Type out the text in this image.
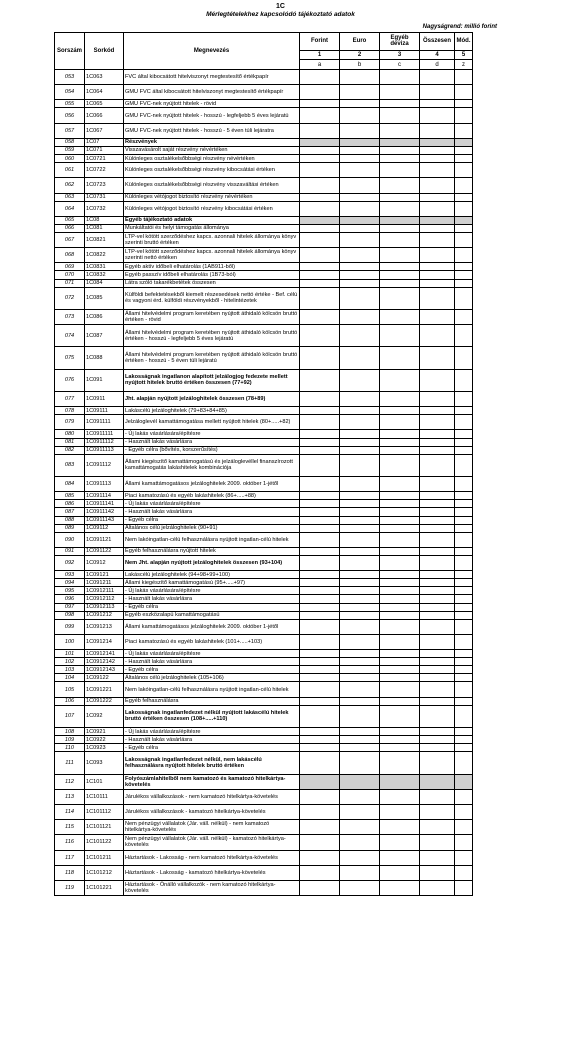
1C
Mérlegtételekhez kapcsolódó tájékoztató adatok
Nagyságrend: millió forint
Sorszám	Sorkód	Megnevezés	Forint	Euro	Egyéb deviza	Összesen	Mód.
			1	2	3	4	5
			a	b	c	d	z
053	1C063	FVC által kibocsátott hitelviszonyt megtestesítő értékpapír					
054	1C064	GMU FVC által kibocsátott hitelviszonyt megtestesítő értékpapír					
055	1C065	GMU FVC-nek nyújtott hitelek - rövid					
056	1C066	GMU FVC-nek nyújtott hitelek - hosszú - legfeljebb 5 éves lejáratú					
057	1C067	GMU FVC-nek nyújtott hitelek - hosszú - 5 éven túli lejáratra					
058	1C07	Részvények					
059	1C071	Visszavásárolt saját részvény névértéken					
060	1C0721	Különleges osztalékelsőbbségi részvény névértéken					
061	1C0722	Különleges osztalékelsőbbségi részvény kibocsátási értéken					
062	1C0723	Különleges osztalékelsőbbségi részvény visszaváltási értéken					
063	1C0731	Különleges vétójogot biztosító részvény névértéken					
064	1C0732	Különleges vétójogot biztosító részvény kibocsátási értéken					
065	1C08	Egyéb tájékoztató adatok					
066	1C081	Munkáltatói és helyi támogatás állománya					
067	1C0821	LTP-vel kötött szerződéshez kapcs. azonnali hitelek állománya könyv szerinti bruttó értéken					
068	1C0822	LTP-vel kötött szerződéshez kapcs. azonnali hitelek állománya könyv szerinti nettó értéken					
069	1C0831	Egyéb aktív időbeli elhatárolás (1AB911-ből)					
070	1C0832	Egyéb passzív időbeli elhatárolás (1B73-ból)					
071	1C084	Látra szóló takarékbetétek összesen					
072	1C085	Külföldi befektetésekből kiemelt részesedések nettó értéke - Bef. célú és vagyoni érd. külföldi részvényekből - hitelintézetek					
073	1C086	Állami hitelvédelmi program keretében nyújtott áthidaló kölcsön bruttó értéken - rövid					
074	1C087	Állami hitelvédelmi program keretében nyújtott áthidaló kölcsön bruttó értéken - hosszú - legfeljebb 5 éves lejáratú					
075	1C088	Állami hitelvédelmi program keretében nyújtott áthidaló kölcsön bruttó értéken - hosszú - 5 éven túli lejáratú					
076	1C091	Lakosságnak ingatlanon alapított jelzálogjog fedezete mellett nyújtott hitelek bruttó értéken összesen (77+92)					
077	1C0911	Jht. alapján nyújtott jelzáloghitelek összesen (78+89)					
078	1C09111	Lakáscélú jelzáloghitelek (79+83+84+85)					
079	1C091111	Jelzáloglevél kamattámogatása mellett nyújtott hitelek (80+.....+82)					
080	1C0911111	- Új lakás vásárlására/építésre					
081	1C0911112	- Használt lakás vásárlásra					
082	1C0911113	- Egyéb célra (bővítés, korszerűsítés)					
083	1C091112	Állami kiegészítő kamattámogatású és jelzáloglevéllel finanszírozott kamattámogatás lakáshitelek kombinációja					
084	1C091113	Állami kamattámogatásos jelzáloghitelek 2009. október 1-jétől					
085	1C091114	Piaci kamatozású és egyéb lakáshitelek (86+.....+88)					
086	1C0911141	- Új lakás vásárlására/építésre					
087	1C0911142	- Használt lakás vásárlásra					
088	1C0911143	- Egyéb célra					
089	1C09112	Általános célú jelzáloghitelek (90+91)					
090	1C091121	Nem lakóingatlan-célú felhasználásra nyújtott ingatlan-célú hitelek					
091	1C091122	Egyéb felhasználásra nyújtott hitelek					
092	1C0912	Nem Jht. alapján nyújtott jelzáloghitelek összesen (93+104)					
093	1C09121	Lakáscélú jelzáloghitelek (94+98+99+100)					
094	1C091211	Állami kiegészítő kamattámogatású (95+.....+97)					
095	1C0912111	- Új lakás vásárlására/építésre					
096	1C0912112	- Használt lakás vásárlásra					
097	1C0912113	- Egyéb célra					
098	1C091212	Egyéb eszközalapú kamattámogatású					
099	1C091213	Állami kamattámogatásos jelzáloghitelek 2009. október 1-jétől					
100	1C091214	Piaci kamatozású és egyéb lakáshitelek (101+.....+103)					
101	1C0912141	- Új lakás vásárlására/építésre					
102	1C0912142	- Használt lakás vásárlásra					
103	1C0912143	- Egyéb célra					
104	1C09122	Általános célú jelzáloghitelek (105+106)					
105	1C091221	Nem lakóingatlan-célú felhasználásra nyújtott ingatlan-célú hitelek					
106	1C091222	Egyéb felhasználásra					
107	1C092	Lakosságnak ingatlanfedezet nélkül nyújtott lakáscélú hitelek bruttó értéken összesen (108+.....+110)					
108	1C0921	- Új lakás vásárlására/építésre					
109	1C0922	- Használt lakás vásárlásra					
110	1C0923	- Egyéb célra					
111	1C093	Lakosságnak ingatlanfedezet nélkül, nem lakáscélú felhasználásra nyújtott hitelek bruttó értéken					
112	1C101	Folyószámlahitelből nem kamatozó és kamatozó hitelkártya-követelés					
113	1C10111	Járulékos vállalkozások - nem kamatozó hitelkártya-követelés					
114	1C101112	Járulékos vállalkozások - kamatozó hitelkártya-követelés					
115	1C101121	Nem pénzügyi vállalatok (Jár. váll. nélkül) - nem kamatozó hitelkártya-követelés					
116	1C101122	Nem pénzügyi vállalatok (Jár. váll. nélkül) - kamatozó hitelkártya-követelés					
117	1C101211	Háztartások - Lakosság - nem kamatozó hitelkártya-követelés					
118	1C101212	Háztartások - Lakosság - kamatozó hitelkártya-követelés					
119	1C101221	Háztartások - Önálló vállalkozók - nem kamatozó hitelkártya-követelés					
